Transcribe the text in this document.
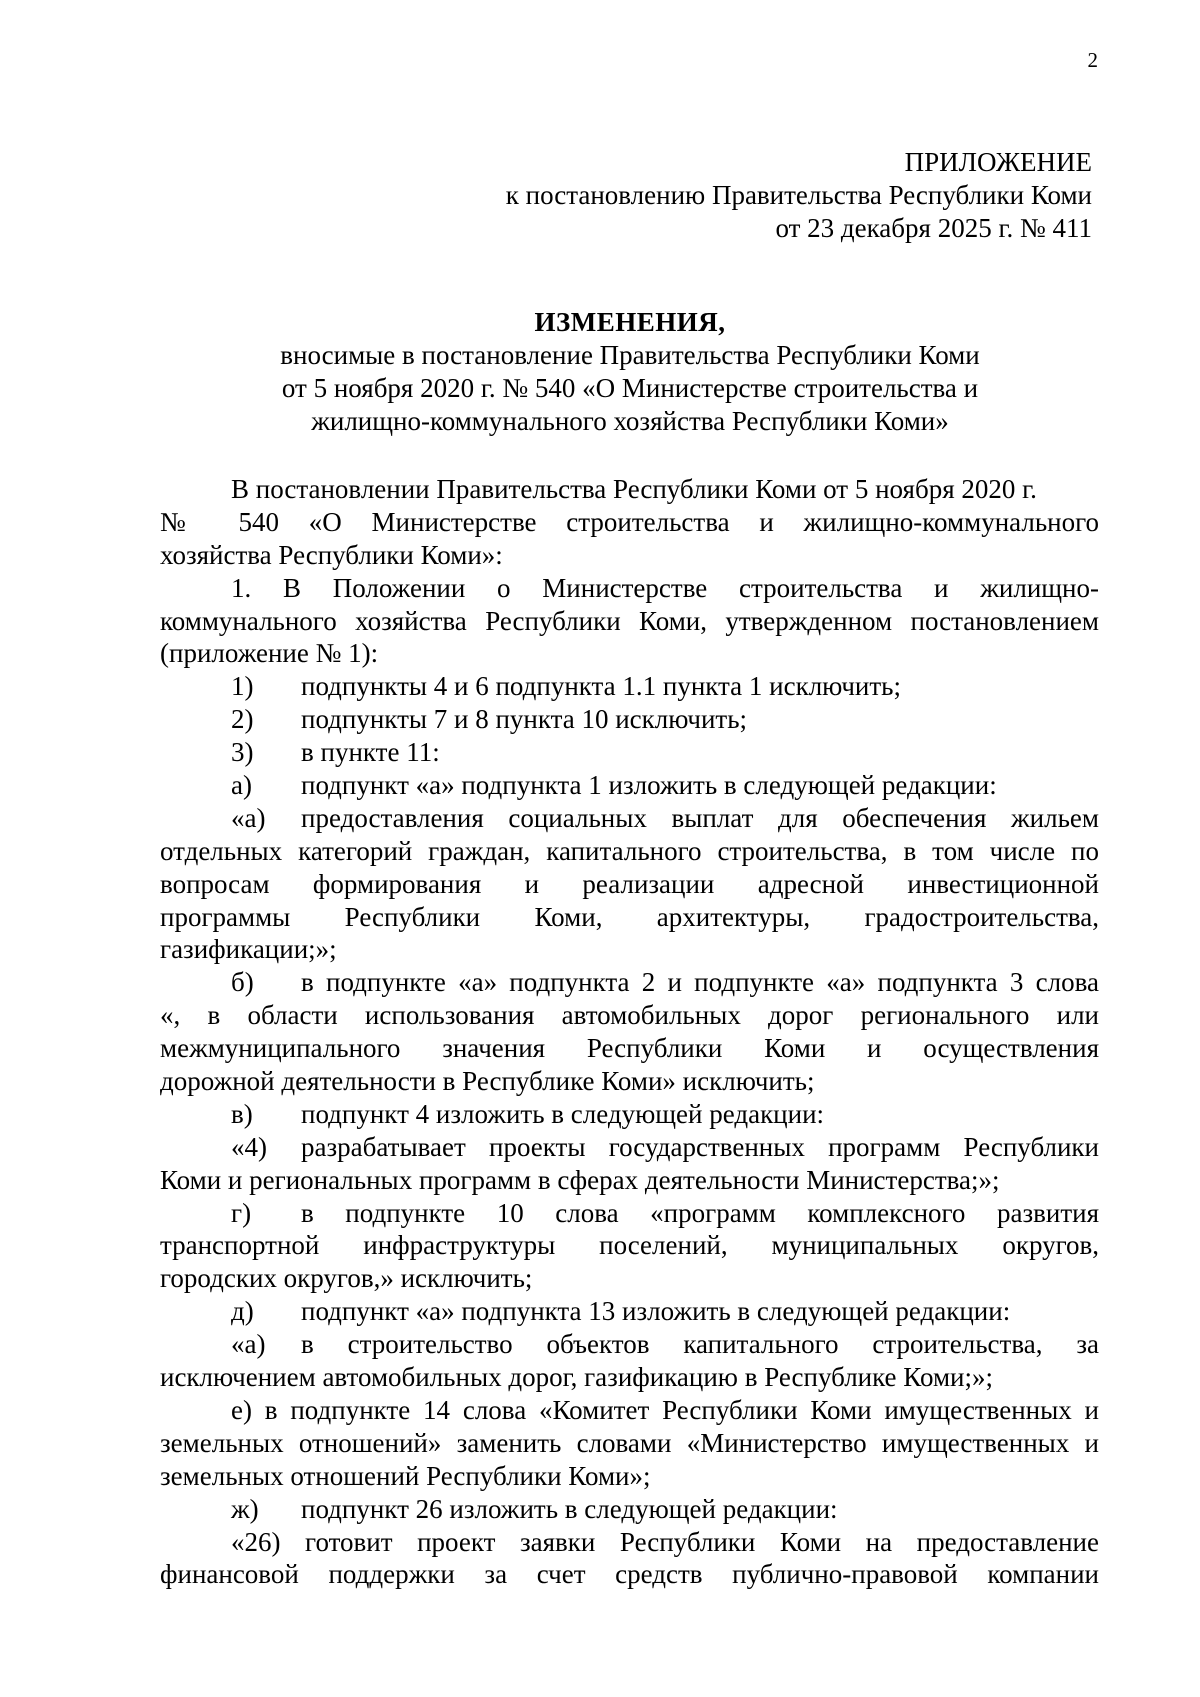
2
ПРИЛОЖЕНИЕ
к постановлению Правительства Республики Коми
от 23 декабря 2025 г. № 411
ИЗМЕНЕНИЯ,
вносимые в постановление Правительства Республики Коми
от 5 ноября 2020 г. № 540 «О Министерстве строительства и
жилищно-коммунального хозяйства Республики Коми»
В постановлении Правительства Республики Коми от 5 ноября 2020 г.
№ 540 «О Министерстве строительства и жилищно-коммунального
хозяйства Республики Коми»:
1. В Положении о Министерстве строительства и жилищно-
коммунального хозяйства Республики Коми, утвержденном постановлением
(приложение № 1):
1) подпункты 4 и 6 подпункта 1.1 пункта 1 исключить;
2) подпункты 7 и 8 пункта 10 исключить;
3) в пункте 11:
а) подпункт «а» подпункта 1 изложить в следующей редакции:
«а) предоставления социальных выплат для обеспечения жильем
отдельных категорий граждан, капитального строительства, в том числе по
вопросам формирования и реализации адресной инвестиционной
программы Республики Коми, архитектуры, градостроительства,
газификации;»;
б) в подпункте «а» подпункта 2 и подпункте «а» подпункта 3 слова
«, в области использования автомобильных дорог регионального или
межмуниципального значения Республики Коми и осуществления
дорожной деятельности в Республике Коми» исключить;
в) подпункт 4 изложить в следующей редакции:
«4) разрабатывает проекты государственных программ Республики
Коми и региональных программ в сферах деятельности Министерства;»;
г) в подпункте 10 слова «программ комплексного развития
транспортной инфраструктуры поселений, муниципальных округов,
городских округов,» исключить;
д) подпункт «а» подпункта 13 изложить в следующей редакции:
«а) в строительство объектов капитального строительства, за
исключением автомобильных дорог, газификацию в Республике Коми;»;
е) в подпункте 14 слова «Комитет Республики Коми имущественных и
земельных отношений» заменить словами «Министерство имущественных и
земельных отношений Республики Коми»;
ж) подпункт 26 изложить в следующей редакции:
«26) готовит проект заявки Республики Коми на предоставление
финансовой поддержки за счет средств публично-правовой компании
